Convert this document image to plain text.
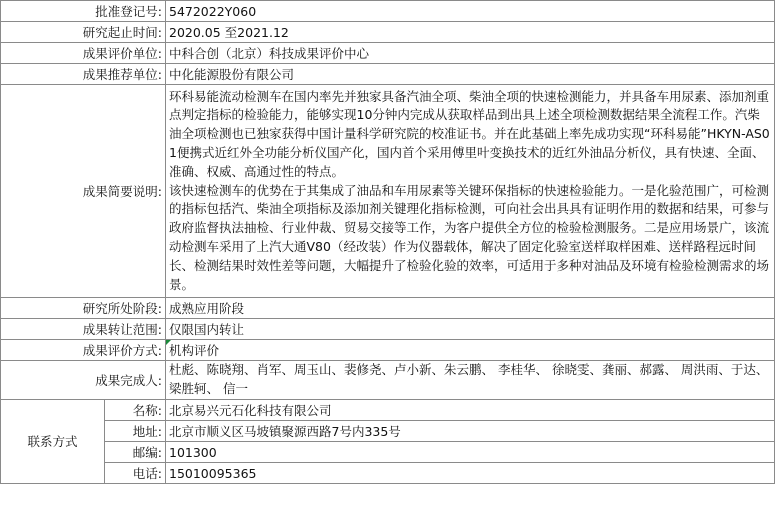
批准登记号:		5472022Y060
研究起止时间:		2020.05 至2021.12
成果评价单位:		中科合创（北京）科技成果评价中心
成果推荐单位:		中化能源股份有限公司
成果简要说明:		环科易能流动检测车在国内率先并独家具备汽油全项、柴油全项的快速检测能力，并具备车用尿素、添加剂重点判定指标的检验能力，能够实现10分钟内完成从获取样品到出具上述全项检测数据结果全流程工作。汽柴油全项检测也已独家获得中国计量科学研究院的校准证书。并在此基础上率先成功实现“环科易能”HKYN-AS01便携式近红外全功能分析仪国产化，国内首个采用傅里叶变换技术的近红外油品分析仪，具有快速、全面、准确、权威、高通过性的特点。
该快速检测车的优势在于其集成了油品和车用尿素等关键环保指标的快速检验能力。一是化验范围广，可检测的指标包括汽、柴油全项指标及添加剂关键理化指标检测，可向社会出具具有证明作用的数据和结果，可参与政府监督执法抽检、行业仲裁、贸易交接等工作，为客户提供全方位的检验检测服务。二是应用场景广，该流动检测车采用了上汽大通V80（经改装）作为仪器载体，解决了固定化验室送样取样困难、送样路程远时间长、检测结果时效性差等问题，大幅提升了检验化验的效率，可适用于多种对油品及环境有检验检测需求的场景。

研究所处阶段:		成熟应用阶段
成果转让范围:		仅限国内转让
成果评价方式:		机构评价
成果完成人:		杜彪、陈晓翔、肖军、周玉山、裴修尧、卢小新、朱云鹏、 李桂华、 徐晓雯、龚丽、郝露、 周洪雨、于达、 梁胜轲、 信一
联系方式	名称:	北京易兴元石化科技有限公司
	地址:	北京市顺义区马坡镇聚源西路7号内335号
	邮编:	101300
	电话:	15010095365
